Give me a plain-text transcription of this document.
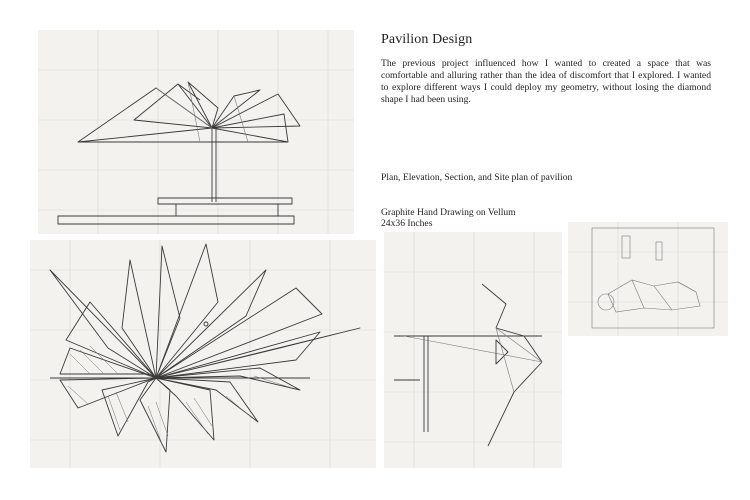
Pavilion Design

The previous project influenced how I wanted to created a space that was comfortable and alluring rather than the idea of discomfort that I explored. I wanted to explore different ways I could deploy my geometry, without losing the diamond shape I had been using.

Plan, Elevation, Section, and Site plan of pavilion

Graphite Hand Drawing on Vellum
24x36 Inches
